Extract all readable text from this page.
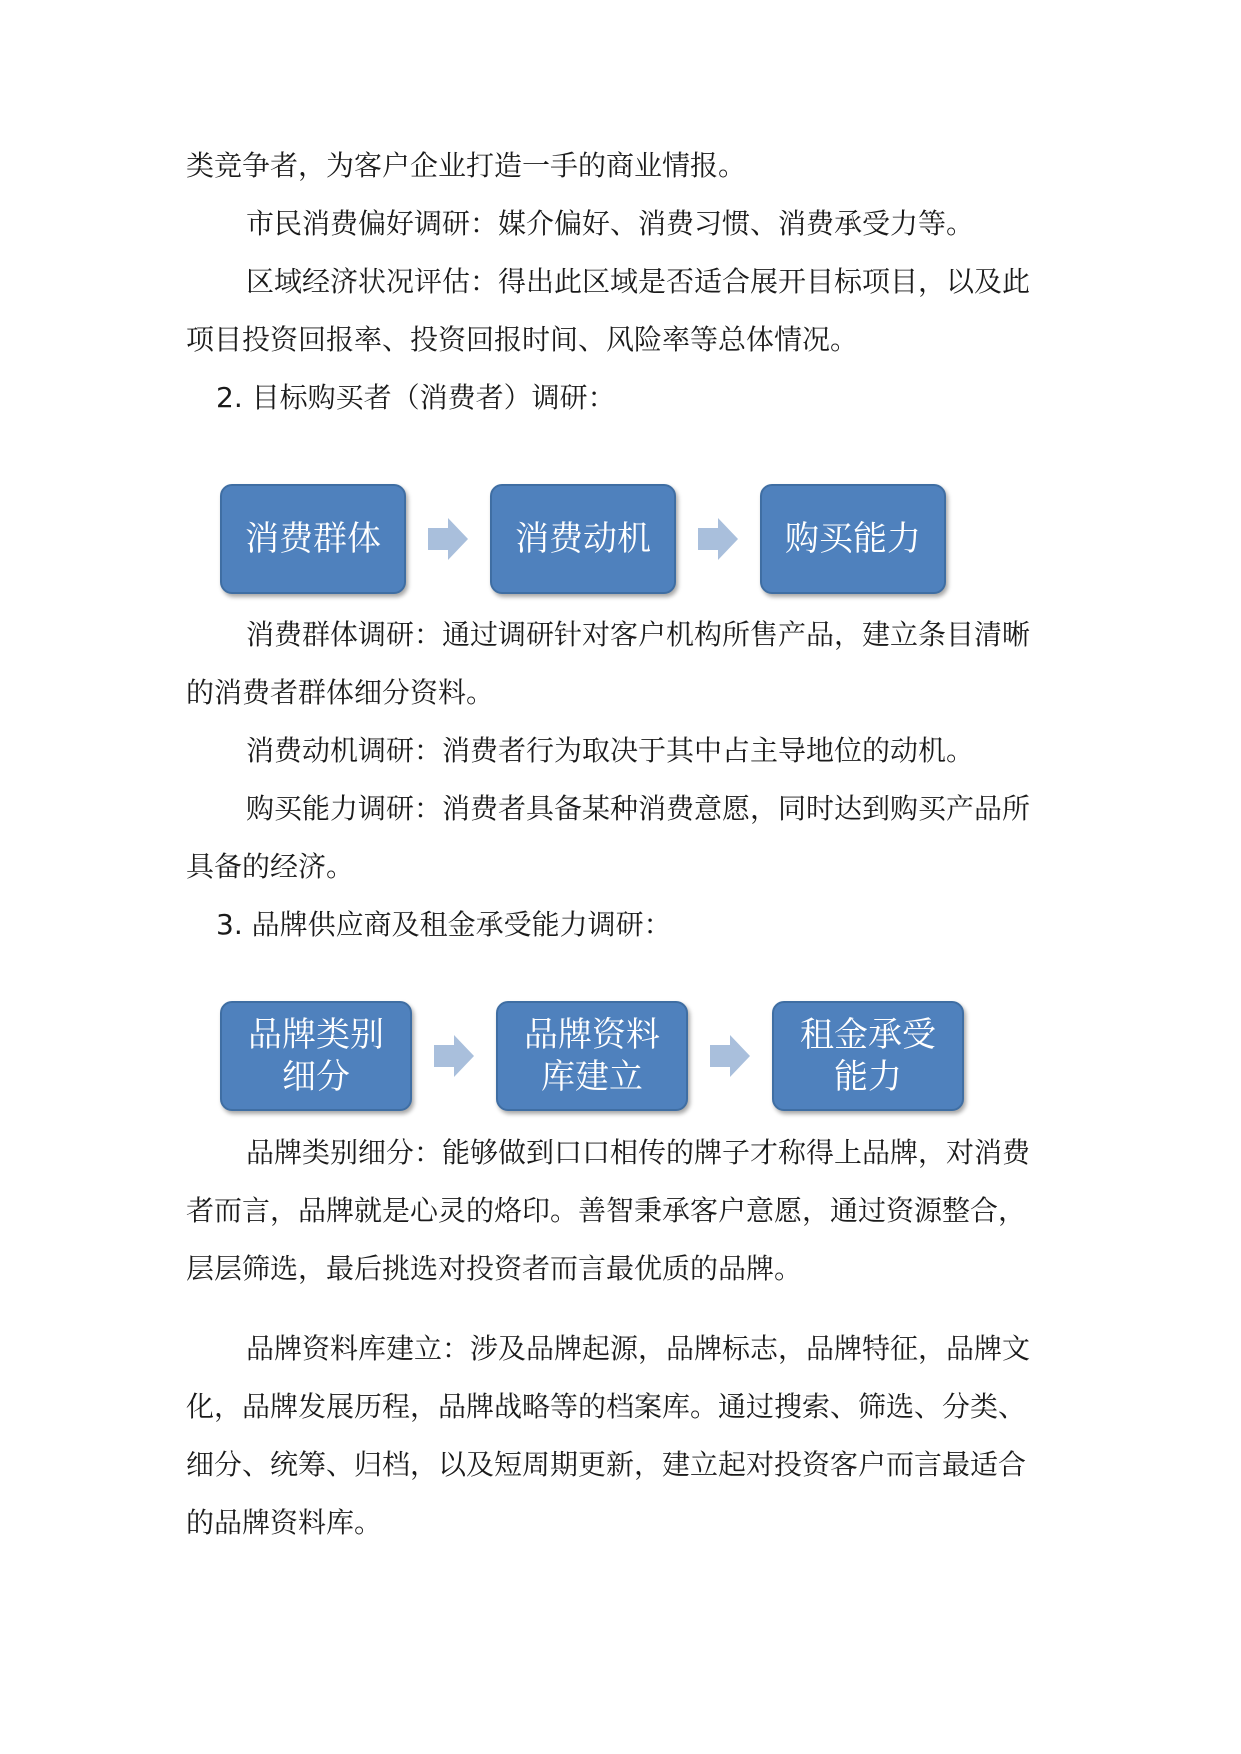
类竞争者，为客户企业打造一手的商业情报。
市民消费偏好调研：媒介偏好、消费习惯、消费承受力等。
区域经济状况评估：得出此区域是否适合展开目标项目，以及此
项目投资回报率、投资回报时间、风险率等总体情况。
2. 目标购买者（消费者）调研：
消费群体	消费动机	购买能力
消费群体调研：通过调研针对客户机构所售产品，建立条目清晰
的消费者群体细分资料。
消费动机调研：消费者行为取决于其中占主导地位的动机。
购买能力调研：消费者具备某种消费意愿，同时达到购买产品所
具备的经济。
3. 品牌供应商及租金承受能力调研：
品牌类别
细分
品牌资料
库建立
租金承受
能力
品牌类别细分：能够做到口口相传的牌子才称得上品牌，对消费
者而言，品牌就是心灵的烙印。善智秉承客户意愿，通过资源整合，
层层筛选，最后挑选对投资者而言最优质的品牌。
品牌资料库建立：涉及品牌起源，品牌标志，品牌特征，品牌文
化，品牌发展历程，品牌战略等的档案库。通过搜索、筛选、分类、
细分、统筹、归档，以及短周期更新，建立起对投资客户而言最适合
的品牌资料库。
